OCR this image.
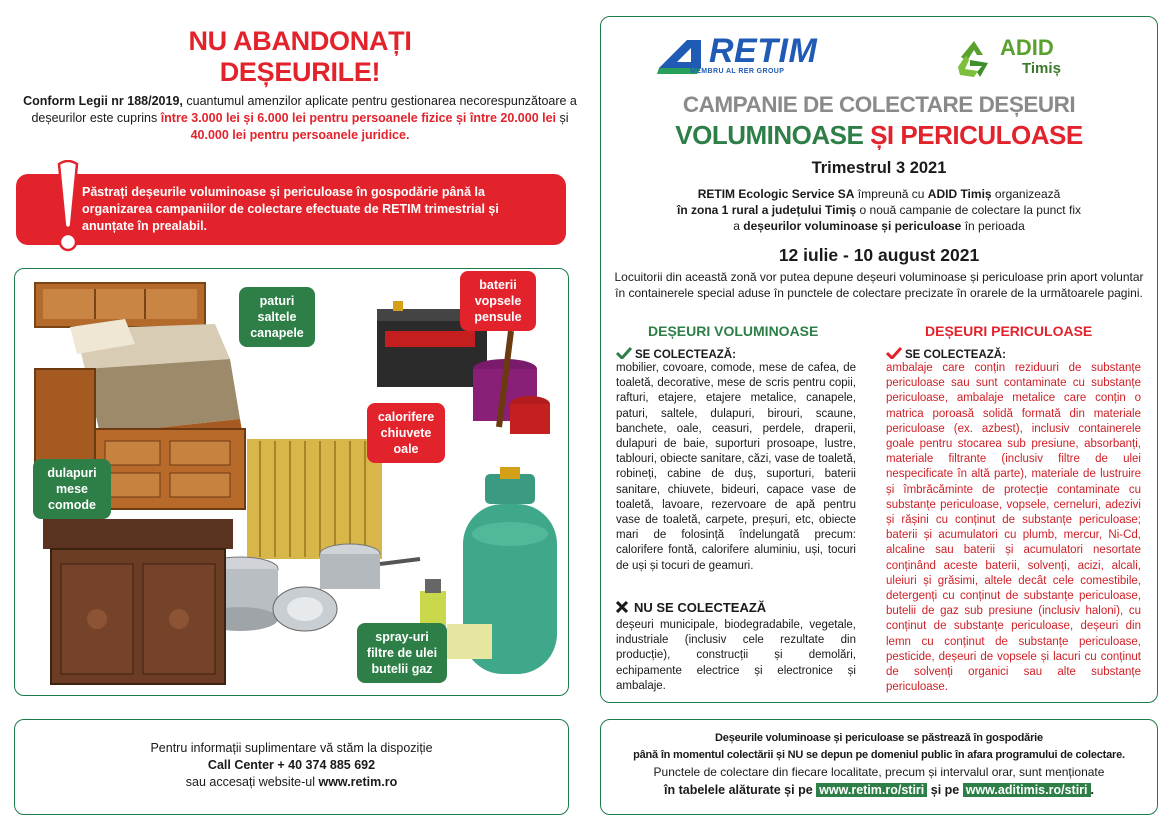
NU ABANDONAȚI
DEȘEURILE!
Conform Legii nr 188/2019, cuantumul amenzilor aplicate pentru gestionarea necorespunzătoare a deșeurilor este cuprins între 3.000 lei și 6.000 lei pentru persoanele fizice și între 20.000 lei și 40.000 lei pentru persoanele juridice.
Păstrați deșeurile voluminoase și periculoase în gospodărie până la organizarea campaniilor de colectare efectuate de RETIM trimestrial și anunțate în prealabil.
paturi
saltele
canapele
baterii
vopsele
pensule
calorifere
chiuvete
oale
dulapuri
mese
comode
spray-uri
filtre de ulei
butelii gaz
Pentru informații suplimentare vă stăm la dispoziție
Call Center + 40 374 885 692
sau accesați website-ul www.retim.ro
RETIM
MEMBRU AL RER GROUP
ADID
Timiș
CAMPANIE DE COLECTARE DEȘEURI
VOLUMINOASE ȘI PERICULOASE
Trimestrul 3 2021
RETIM Ecologic Service SA împreună cu ADID Timiș organizează
în zona 1 rural a județului Timiș o nouă campanie de colectare la punct fix
a deșeurilor voluminoase și periculoase în perioada
12 iulie - 10 august 2021
Locuitorii din această zonă vor putea depune deșeuri voluminoase și periculoase prin aport voluntar în containerele special aduse în punctele de colectare precizate în orarele de la următoarele pagini.
DEȘEURI VOLUMINOASE	DEȘEURI PERICULOASE
SE COLECTEAZĂ:	SE COLECTEAZĂ:
mobilier, covoare, comode, mese de cafea, de toaletă, decorative, mese de scris pentru copii, rafturi, etajere, etajere metalice, canapele, paturi, saltele, dulapuri, birouri, scaune, banchete, oale, ceasuri, perdele, draperii, dulapuri de baie, suporturi prosoape, lustre, tablouri, obiecte sanitare, căzi, vase de toaletă, robineți, cabine de duș, suporturi, baterii sanitare, chiuvete, bideuri, capace vase de toaletă, lavoare, rezervoare de apă pentru vase de toaletă, carpete, preșuri, etc, obiecte mari de folosință îndelungată precum: calorifere fontă, calorifere aluminiu, uși, tocuri de uși și tocuri de geamuri.
ambalaje care conțin reziduuri de substanțe periculoase sau sunt contaminate cu substanțe periculoase, ambalaje metalice care conțin o matrica poroasă solidă formată din materiale periculoase (ex. azbest), inclusiv containerele goale pentru stocarea sub presiune, absorbanți, materiale filtrante (inclusiv filtre de ulei nespecificate în altă parte), materiale de lustruire și îmbrăcăminte de protecție contaminate cu substanțe periculoase, vopsele, cerneluri, adezivi și rășini cu conținut de substanțe periculoase; baterii și acumulatori cu plumb, mercur, Ni-Cd, alcaline sau baterii și acumulatori nesortate conținând aceste baterii, solvenți, acizi, alcali, uleiuri și grăsimi, altele decât cele comestibile, detergenți cu conținut de substanțe periculoase, butelii de gaz sub presiune (inclusiv haloni), cu conținut de substanțe periculoase, deșeuri din lemn cu conținut de substanțe periculoase, pesticide, deșeuri de vopsele și lacuri cu conținut de solvenți organici sau alte substanțe periculoase.
NU SE COLECTEAZĂ
deșeuri municipale, biodegradabile, vegetale, industriale (inclusiv cele rezultate din producție), construcții și demolări, echipamente electrice și electronice și ambalaje.
Deșeurile voluminoase și periculoase se păstrează în gospodărie
până în momentul colectării și NU se depun pe domeniul public în afara programului de colectare.
Punctele de colectare din fiecare localitate, precum și intervalul orar, sunt menționate
în tabelele alăturate și pe www.retim.ro/stiri și pe www.aditimis.ro/stiri .
